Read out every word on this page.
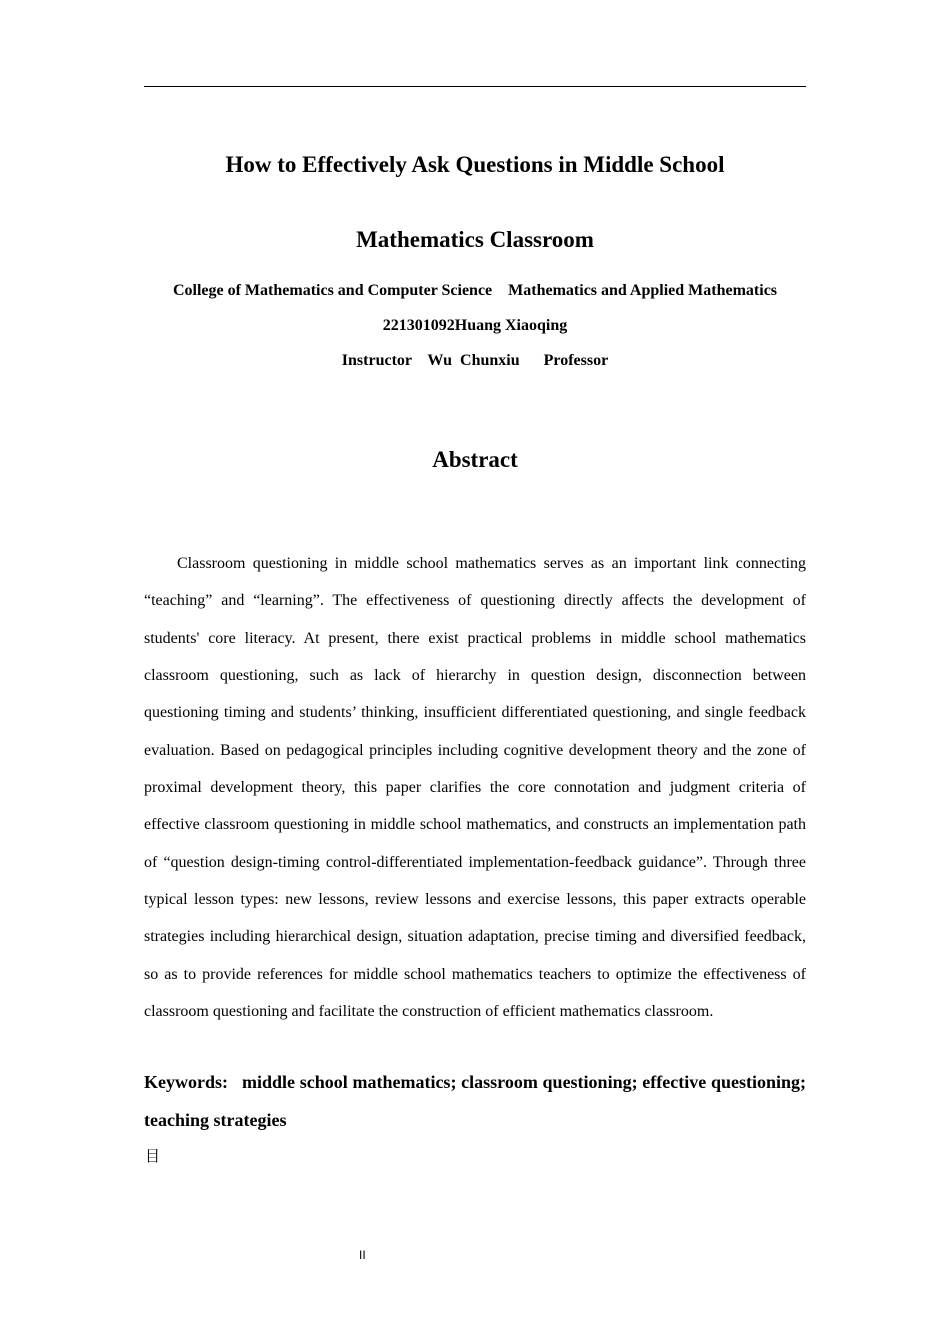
How to Effectively Ask Questions in Middle School
Mathematics Classroom
College of Mathematics and Computer Science    Mathematics and Applied Mathematics
221301092Huang Xiaoqing
Instructor    Wu  Chunxiu      Professor
Abstract

Classroom questioning in middle school mathematics serves as an important link connecting “teaching” and “learning”. The effectiveness of questioning directly affects the development of students' core literacy. At present, there exist practical problems in middle school mathematics classroom questioning, such as lack of hierarchy in question design, disconnection between questioning timing and students’ thinking, insufficient differentiated questioning, and single feedback evaluation. Based on pedagogical principles including cognitive development theory and the zone of proximal development theory, this paper clarifies the core connotation and judgment criteria of effective classroom questioning in middle school mathematics, and constructs an implementation path of “question design-timing control-differentiated implementation-feedback guidance”. Through three typical lesson types: new lessons, review lessons and exercise lessons, this paper extracts operable strategies including hierarchical design, situation adaptation, precise timing and diversified feedback, so as to provide references for middle school mathematics teachers to optimize the effectiveness of classroom questioning and facilitate the construction of efficient mathematics classroom.

Keywords: middle school mathematics; classroom questioning; effective questioning; teaching strategies

目
II
